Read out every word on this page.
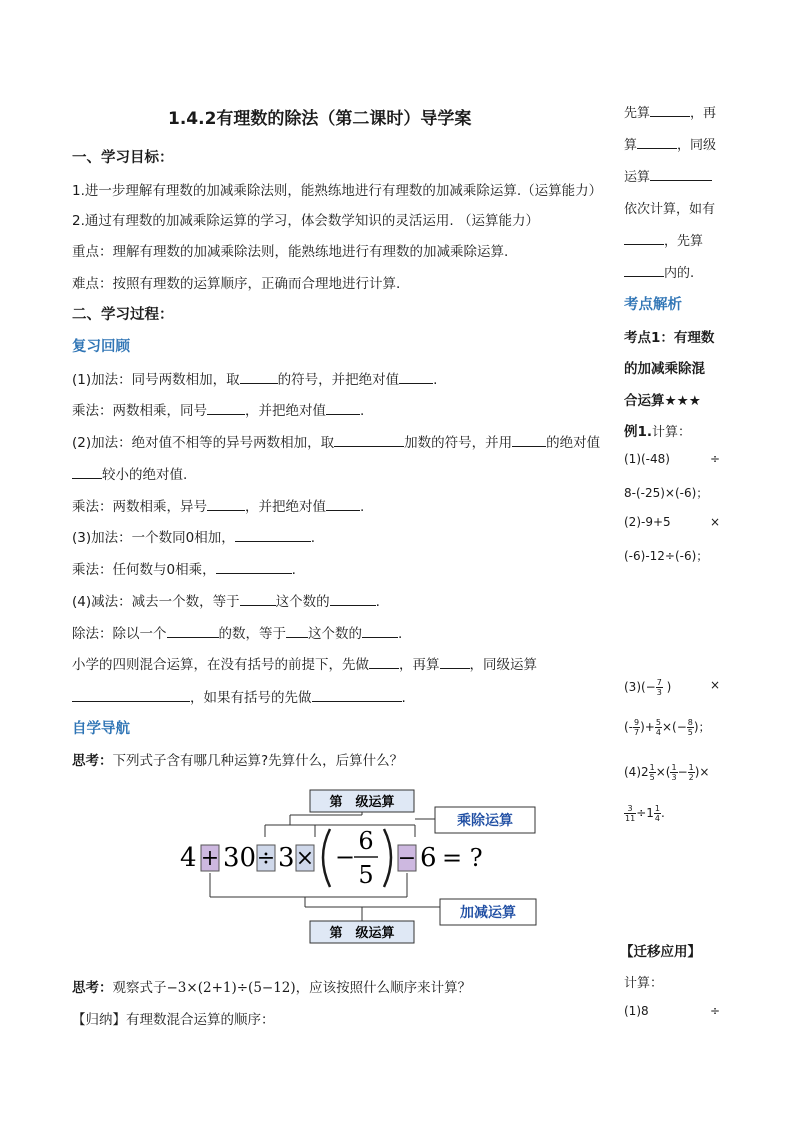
1.4.2有理数的除法（第二课时）导学案
一、学习目标：
1.进一步理解有理数的加减乘除法则，能熟练地进行有理数的加减乘除运算.（运算能力）
2.通过有理数的加减乘除运算的学习，体会数学知识的灵活运用. （运算能力）
重点：理解有理数的加减乘除法则，能熟练地进行有理数的加减乘除运算.
难点：按照有理数的运算顺序，正确而合理地进行计算.
二、学习过程：
复习回顾
(1)加法：同号两数相加，取	的符号，并把绝对值	.
乘法：两数相乘，同号	，并把绝对值	.
(2)加法：绝对值不相等的异号两数相加，取	加数的符号，并用	的绝对值
较小的绝对值.
乘法：两数相乘，异号	，并把绝对值	.
(3)加法：一个数同0相加，	.
乘法：任何数与0相乘，	.
(4)减法：减去一个数，等于	这个数的	.
除法：除以一个	的数，等于 这个数的	.
小学的四则混合运算，在没有括号的前提下，先做 ，再算 ，同级运算
，如果有括号的先做	.
自学导航
思考：下列式子含有哪几种运算?先算什么，后算什么？
第　级运算
乘除运算
4 + 30 ÷ 3 × −
6
5
− 6 = ?
加减运算
第　级运算
思考：观察式子−3×(2+1)÷(5−12)，应该按照什么顺序来计算？
【归纳】有理数混合运算的顺序：
先算	，再
算	，同级
运算
依次计算，如有
，先算
内的.
考点解析
考点1：有理数
的加减乘除混
合运算★★★
例1.计算：
(1)(-48)	÷
8-(-25)×(-6)；
(2)-9+5	×
(-6)-12÷(-6)；
$(3)(- \frac{7}{3}$ )	×
(- $\frac{9}{7}$ )+ $\frac{5}{4}$ ×(− $\frac{8}{5}$ )；
$(4)2 \frac{1}{5}$ ×( $\frac{1}{3} - \frac{1}{2}$ )×
$\frac{3}{11} \div 1 \frac{1}{4}$ .
【迁移应用】
计算：
(1)8	÷
